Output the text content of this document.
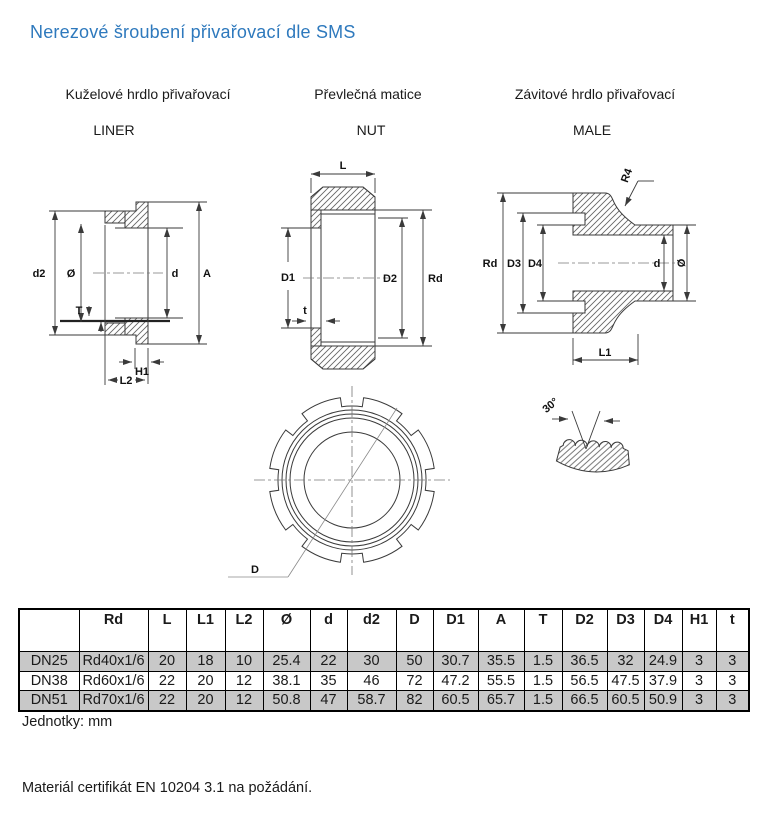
Nerezové šroubení přivařovací dle SMS
Kuželové hrdlo přivařovací	Převlečná matice	Závitové hrdlo přivařovací
LINER	NUT	MALE
d2 Ø
T
d A
H1
L2
L
D1	D2	Rd
t
Rd D3 D4	d Ø
R4
L1
D
30°
	Rd	L	L1	L2	Ø	d	d2	D	D1	A	T	D2	D3	D4	H1	t
DN25	Rd40x1/6	20	18	10	25.4	22	30	50	30.7	35.5	1.5	36.5	32	24.9	3	3
DN38	Rd60x1/6	22	20	12	38.1	35	46	72	47.2	55.5	1.5	56.5	47.5	37.9	3	3
DN51	Rd70x1/6	22	20	12	50.8	47	58.7	82	60.5	65.7	1.5	66.5	60.5	50.9	3	3
Jednotky: mm
Materiál certifikát EN 10204 3.1 na požádání.
